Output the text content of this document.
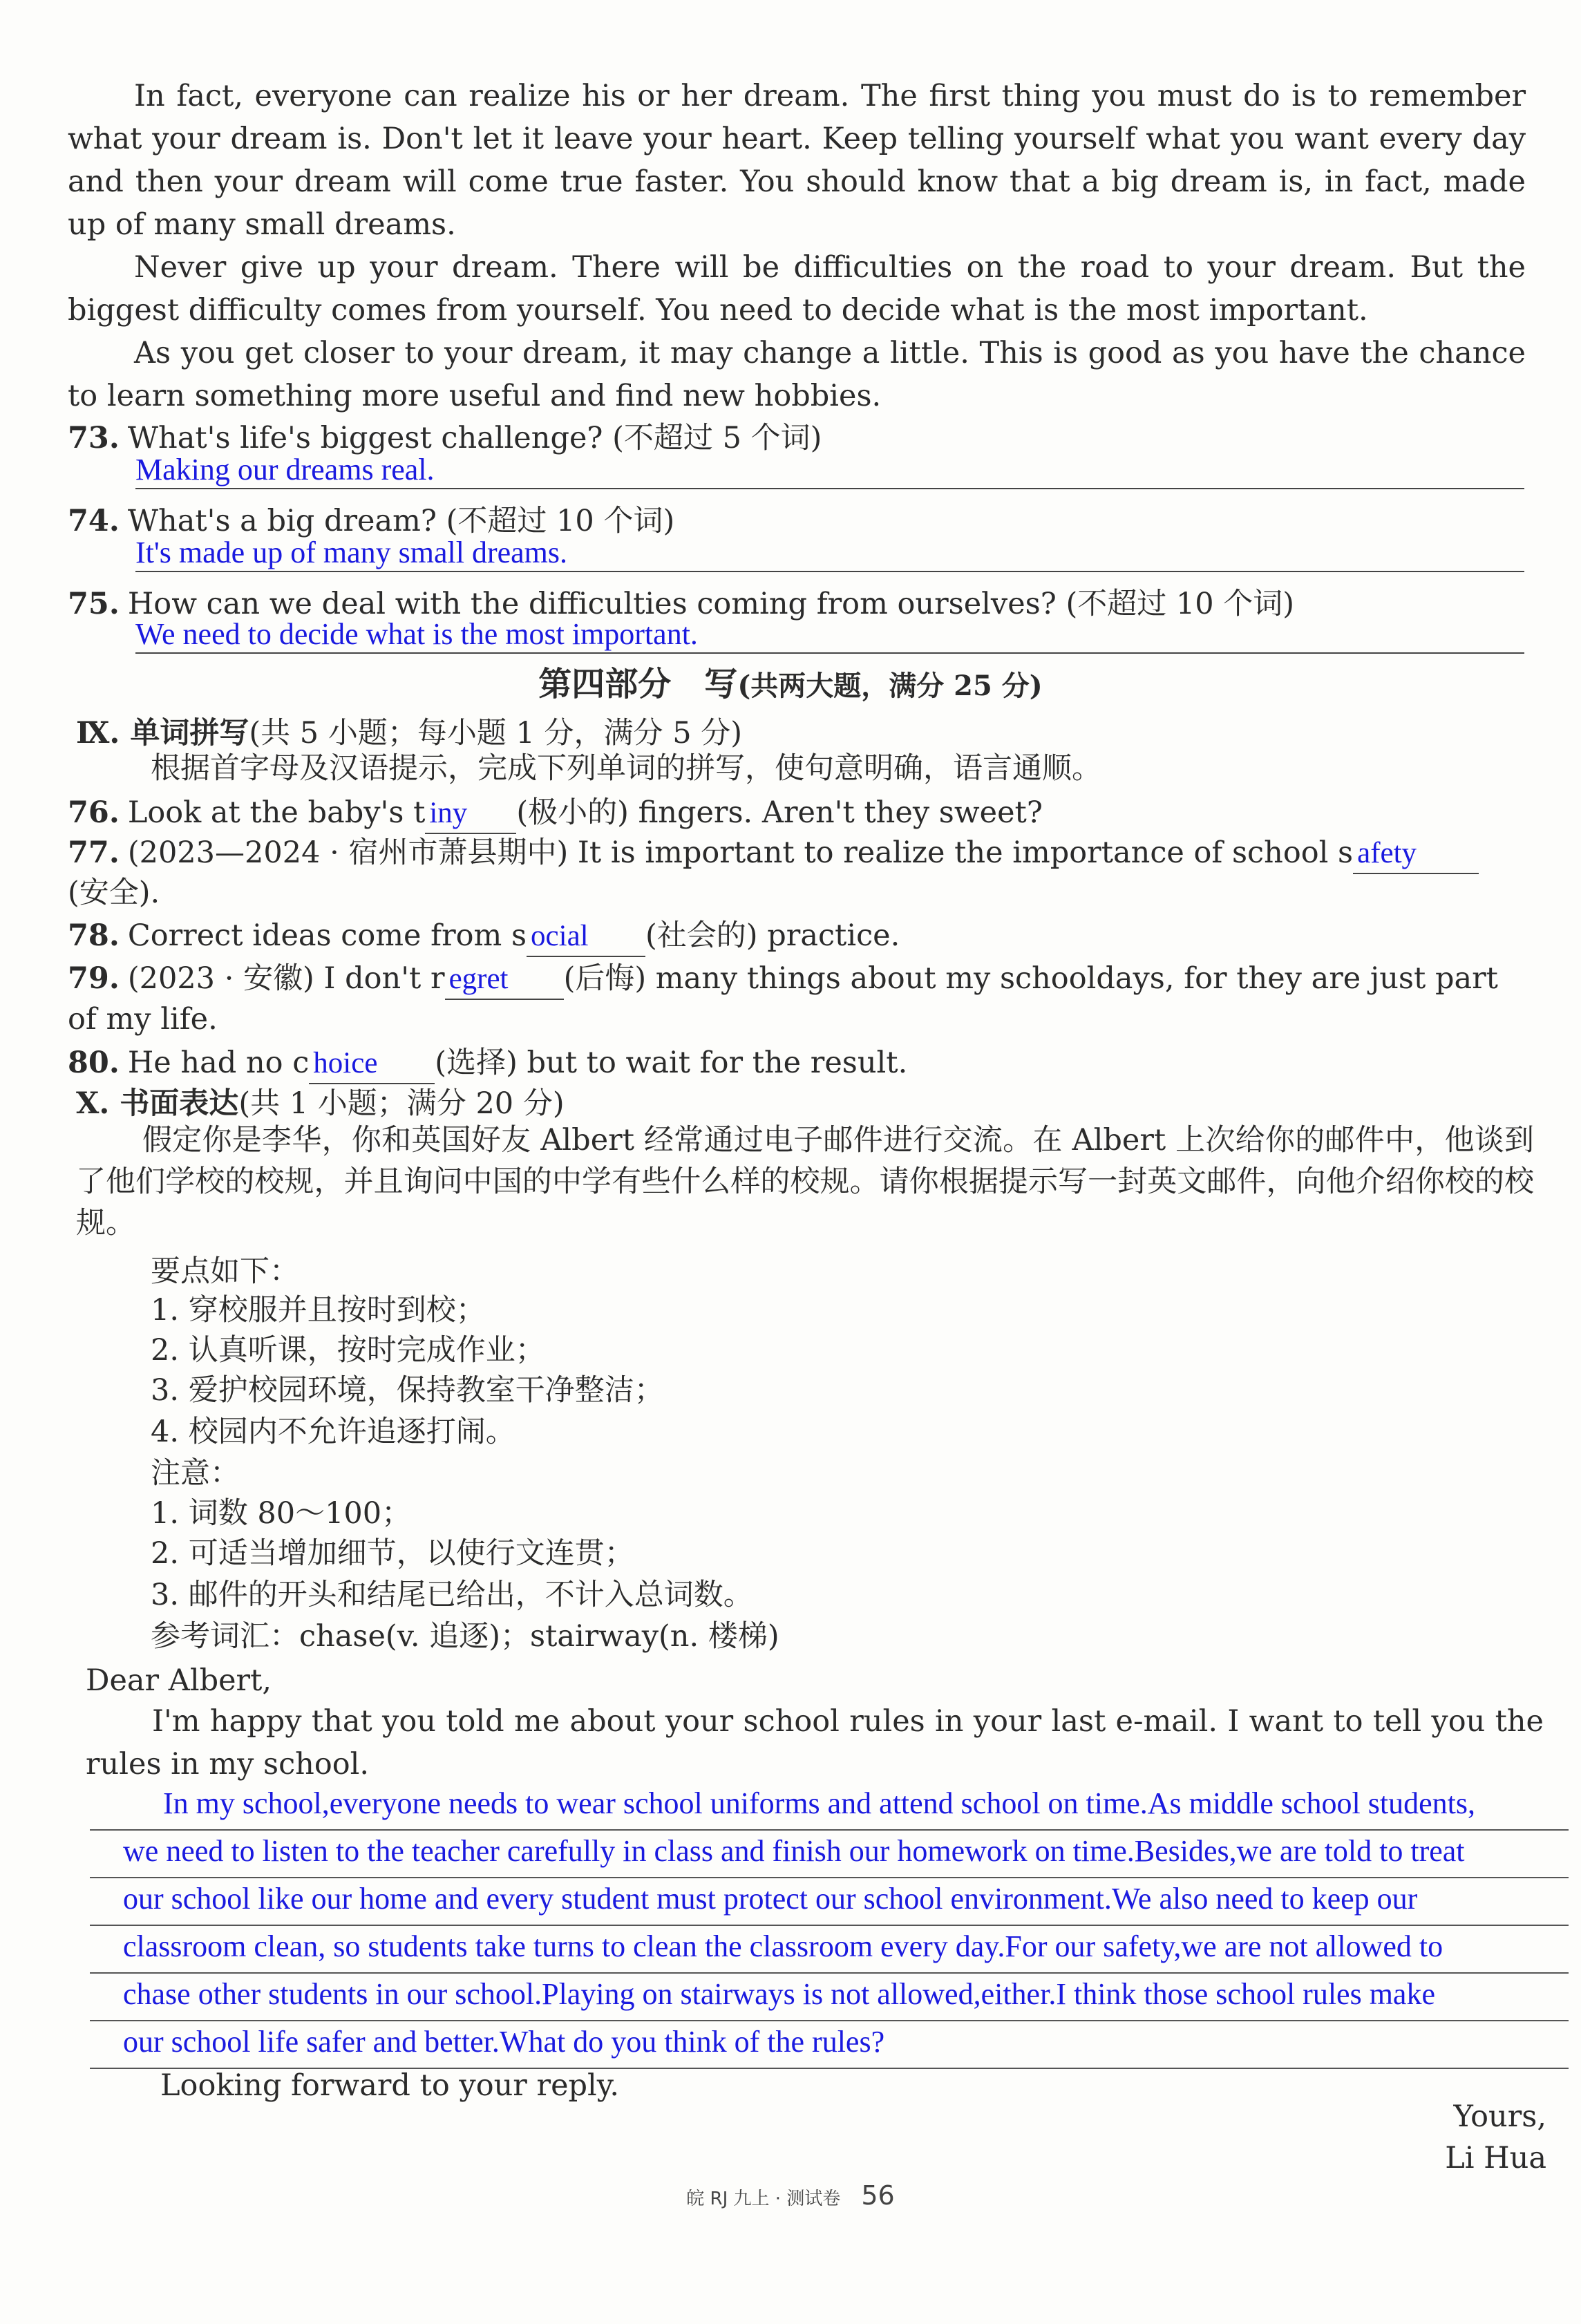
In fact, everyone can realize his or her dream. The first thing you must do is to remember what your dream is. Don't let it leave your heart. Keep telling yourself what you want every day and then your dream will come true faster. You should know that a big dream is, in fact, made up of many small dreams.

Never give up your dream. There will be difficulties on the road to your dream. But the biggest difficulty comes from yourself. You need to decide what is the most important.

As you get closer to your dream, it may change a little. This is good as you have the chance to learn something more useful and find new hobbies.

73. What's life's biggest challenge? (不超过 5 个词)

Making our dreams real.

74. What's a big dream? (不超过 10 个词)

It's made up of many small dreams.

75. How can we deal with the difficulties coming from ourselves? (不超过 10 个词)

We need to decide what is the most important.

第四部分　写(共两大题，满分 25 分)

Ⅸ. 单词拼写(共 5 小题；每小题 1 分，满分 5 分)

根据首字母及汉语提示，完成下列单词的拼写，使句意明确，语言通顺。

76. Look at the baby's t iny (极小的) fingers. Aren't they sweet?

77. (2023—2024 · 宿州市萧县期中) It is important to realize the importance of school s afety

(安全).

78. Correct ideas come from s ocial (社会的) practice.

79. (2023 · 安徽) I don't r egret (后悔) many things about my schooldays, for they are just part of my life.

80. He had no c hoice (选择) but to wait for the result.

Ⅹ. 书面表达(共 1 小题；满分 20 分)

假定你是李华，你和英国好友 Albert 经常通过电子邮件进行交流。在 Albert 上次给你的邮件中，他谈到了他们学校的校规，并且询问中国的中学有些什么样的校规。请你根据提示写一封英文邮件，向他介绍你校的校规。

要点如下：

1. 穿校服并且按时到校；

2. 认真听课，按时完成作业；

3. 爱护校园环境，保持教室干净整洁；

4. 校园内不允许追逐打闹。

注意：

1. 词数 80～100；

2. 可适当增加细节，以使行文连贯；

3. 邮件的开头和结尾已给出，不计入总词数。

参考词汇：chase(v. 追逐)；stairway(n. 楼梯)

Dear Albert,

I'm happy that you told me about your school rules in your last e-mail. I want to tell you the rules in my school.

In my school,everyone needs to wear school uniforms and attend school on time.As middle school students,
we need to listen to the teacher carefully in class and finish our homework on time.Besides,we are told to treat
our school like our home and every student must protect our school environment.We also need to keep our
classroom clean, so students take turns to clean the classroom every day.For our safety,we are not allowed to
chase other students in our school.Playing on stairways is not allowed,either.I think those school rules make
our school life safer and better.What do you think of the rules?

Looking forward to your reply.

Yours,

Li Hua

皖 RJ 九上 · 测试卷 56
